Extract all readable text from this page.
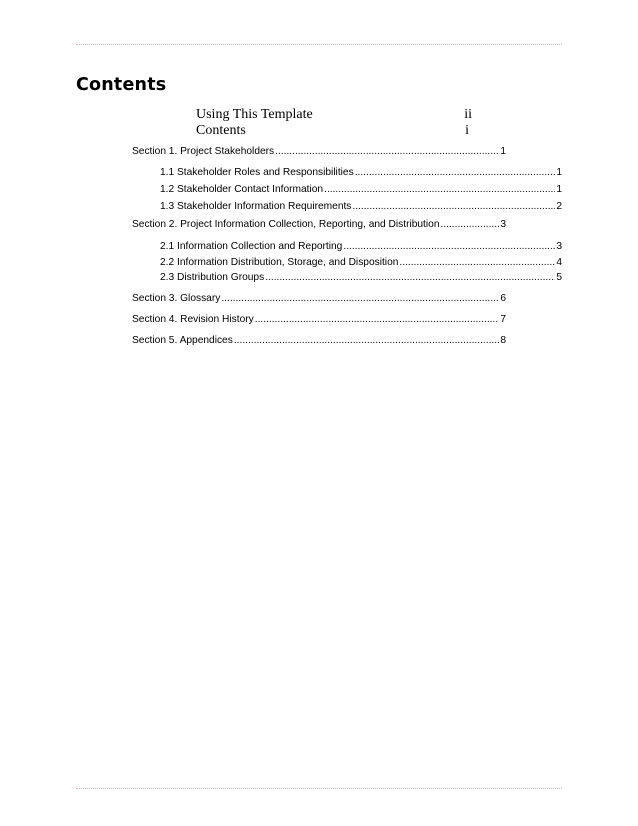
Contents
Using This Template	ii
Contents	i
Section 1. Project Stakeholders .....	1
1.1 Stakeholder Roles and Responsibilities .....	1
1.2 Stakeholder Contact Information .....	1
1.3 Stakeholder Information Requirements .....	2
Section 2. Project Information Collection, Reporting, and Distribution .....	3
2.1 Information Collection and Reporting .....	3
2.2 Information Distribution, Storage, and Disposition .....	4
2.3 Distribution Groups .....	5
Section 3. Glossary .....	6
Section 4. Revision History .....	7
Section 5. Appendices .....	8
